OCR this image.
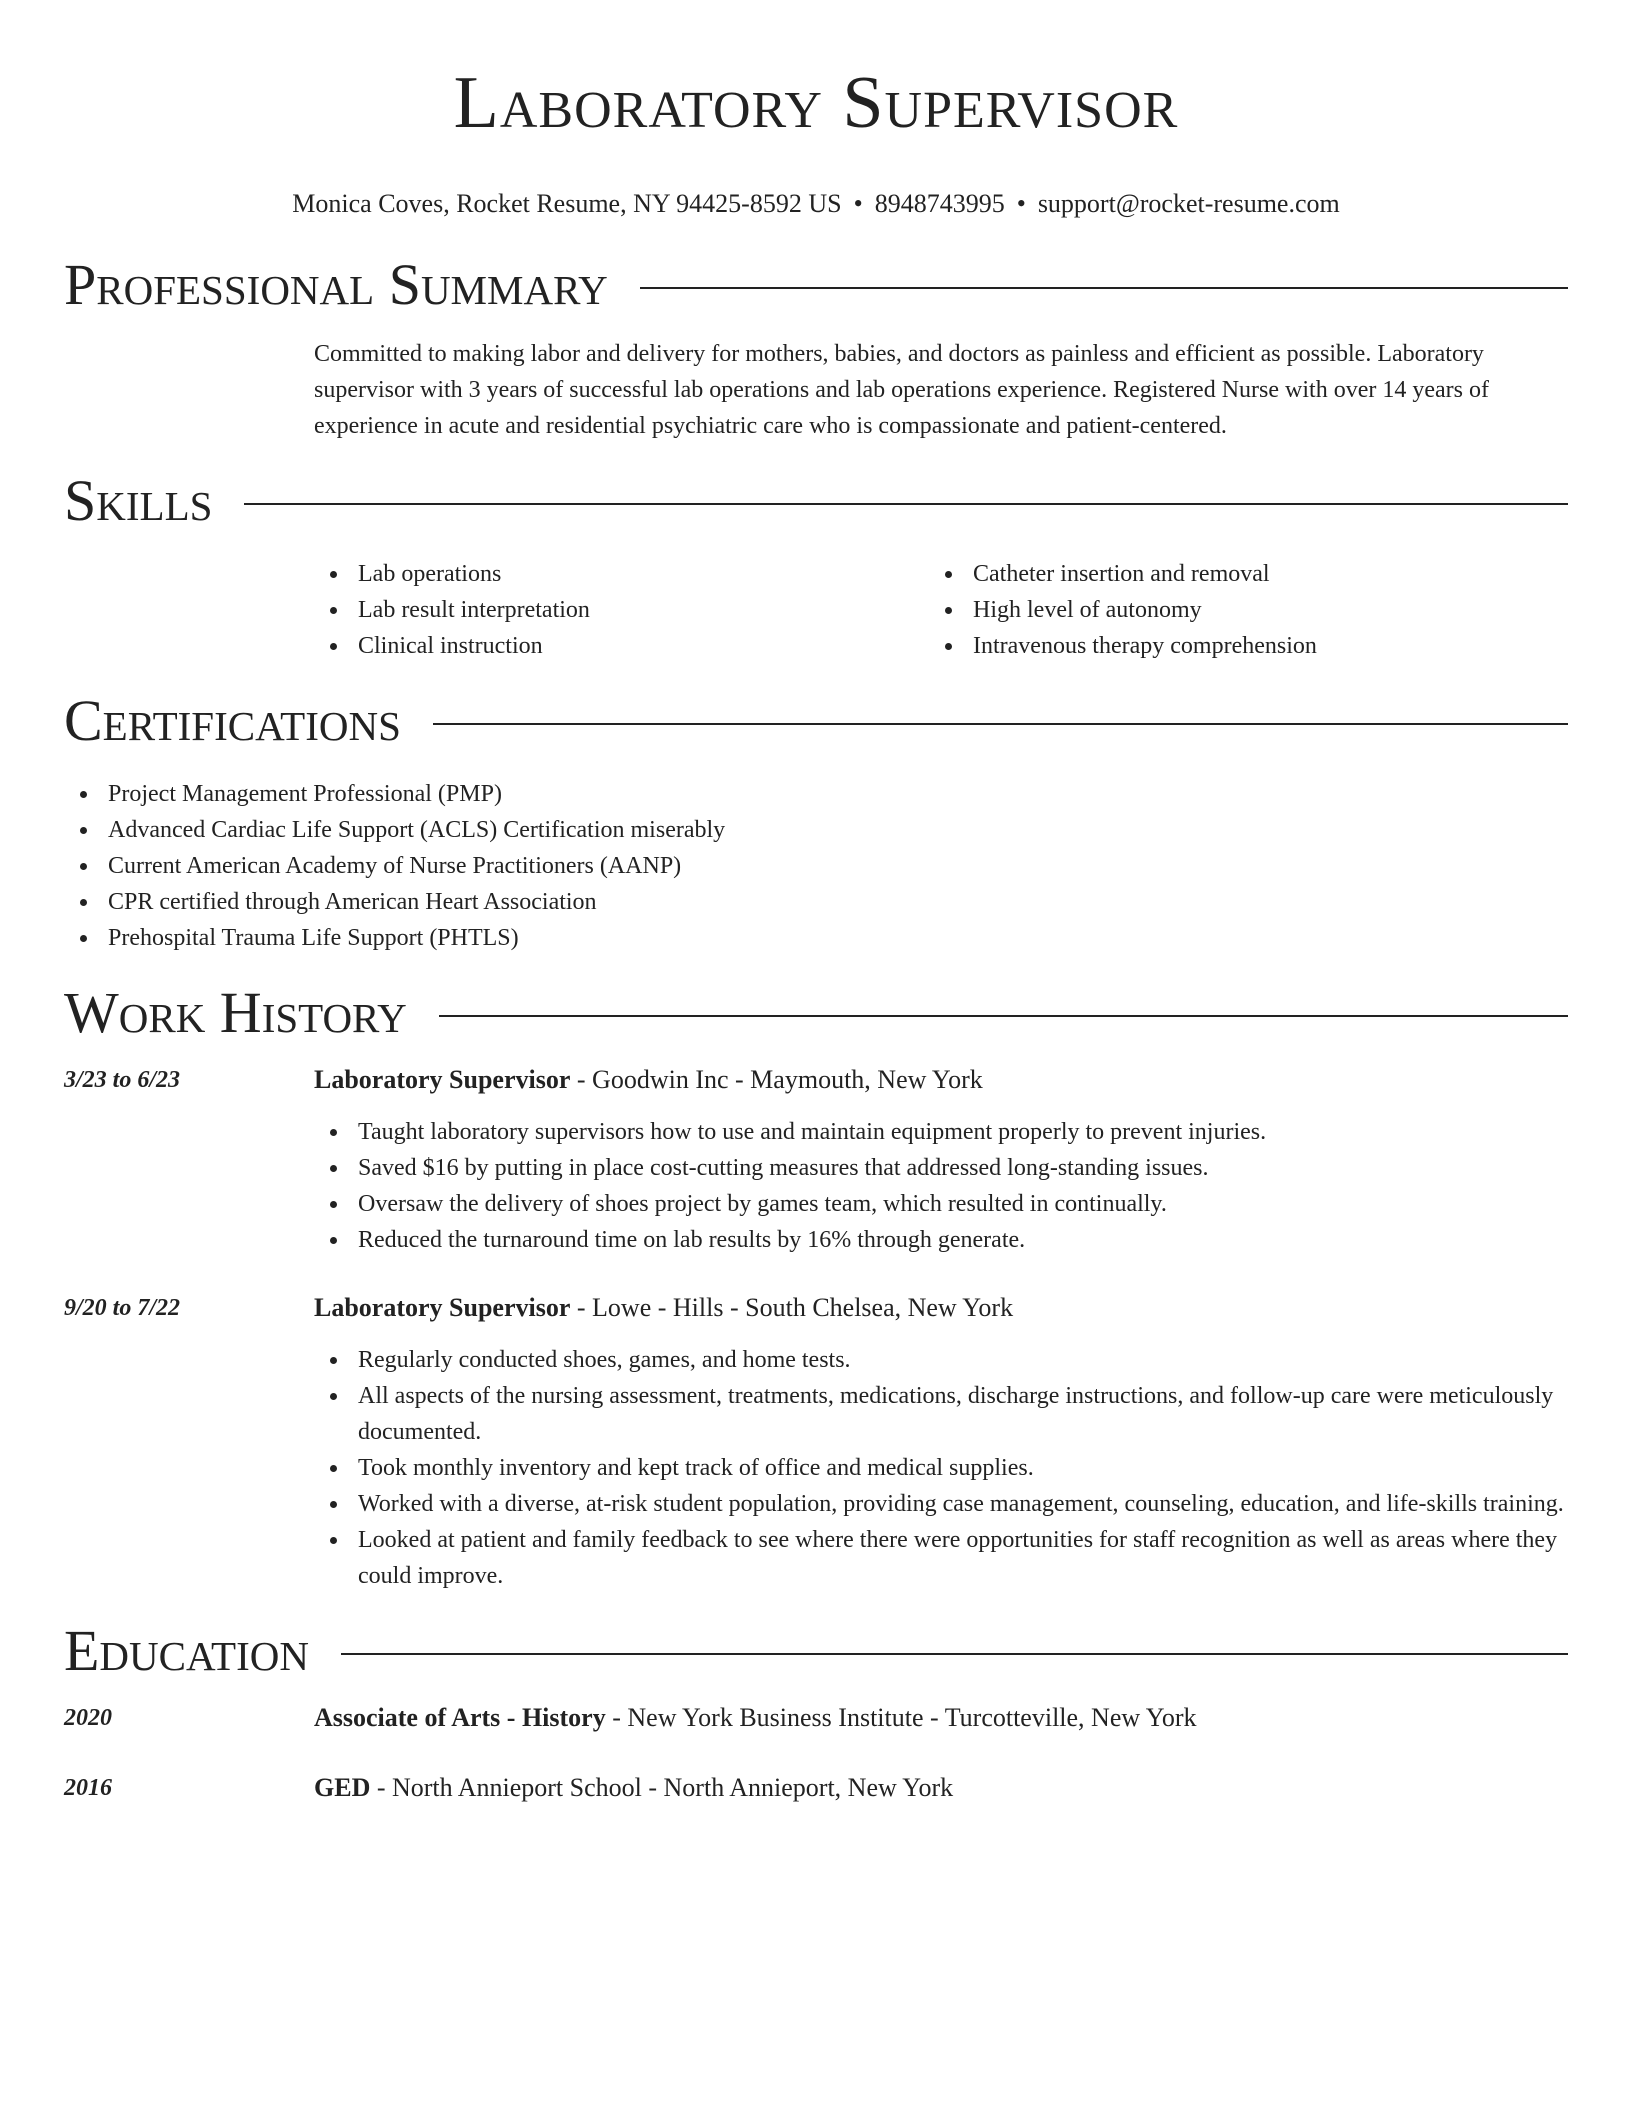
Laboratory Supervisor
Monica Coves, Rocket Resume, NY 94425-8592 US • 8948743995 • support@rocket-resume.com
Professional Summary

Committed to making labor and delivery for mothers, babies, and doctors as painless and efficient as possible. Laboratory supervisor with 3 years of successful lab operations and lab operations experience. Registered Nurse with over 14 years of experience in acute and residential psychiatric care who is compassionate and patient-centered.

Skills
Lab operations
Lab result interpretation
Clinical instruction
Catheter insertion and removal
High level of autonomy
Intravenous therapy comprehension
Certifications
Project Management Professional (PMP)
Advanced Cardiac Life Support (ACLS) Certification miserably
Current American Academy of Nurse Practitioners (AANP)
CPR certified through American Heart Association
Prehospital Trauma Life Support (PHTLS)
Work History
3/23 to 6/23	Laboratory Supervisor - Goodwin Inc - Maymouth, New York
Taught laboratory supervisors how to use and maintain equipment properly to prevent injuries.
Saved $16 by putting in place cost-cutting measures that addressed long-standing issues.
Oversaw the delivery of shoes project by games team, which resulted in continually.
Reduced the turnaround time on lab results by 16% through generate.
9/20 to 7/22	Laboratory Supervisor - Lowe - Hills - South Chelsea, New York
Regularly conducted shoes, games, and home tests.
All aspects of the nursing assessment, treatments, medications, discharge instructions, and follow-up care were meticulously documented.
Took monthly inventory and kept track of office and medical supplies.
Worked with a diverse, at-risk student population, providing case management, counseling, education, and life-skills training.
Looked at patient and family feedback to see where there were opportunities for staff recognition as well as areas where they could improve.
Education
2020	Associate of Arts - History - New York Business Institute - Turcotteville, New York
2016	GED - North Annieport School - North Annieport, New York
